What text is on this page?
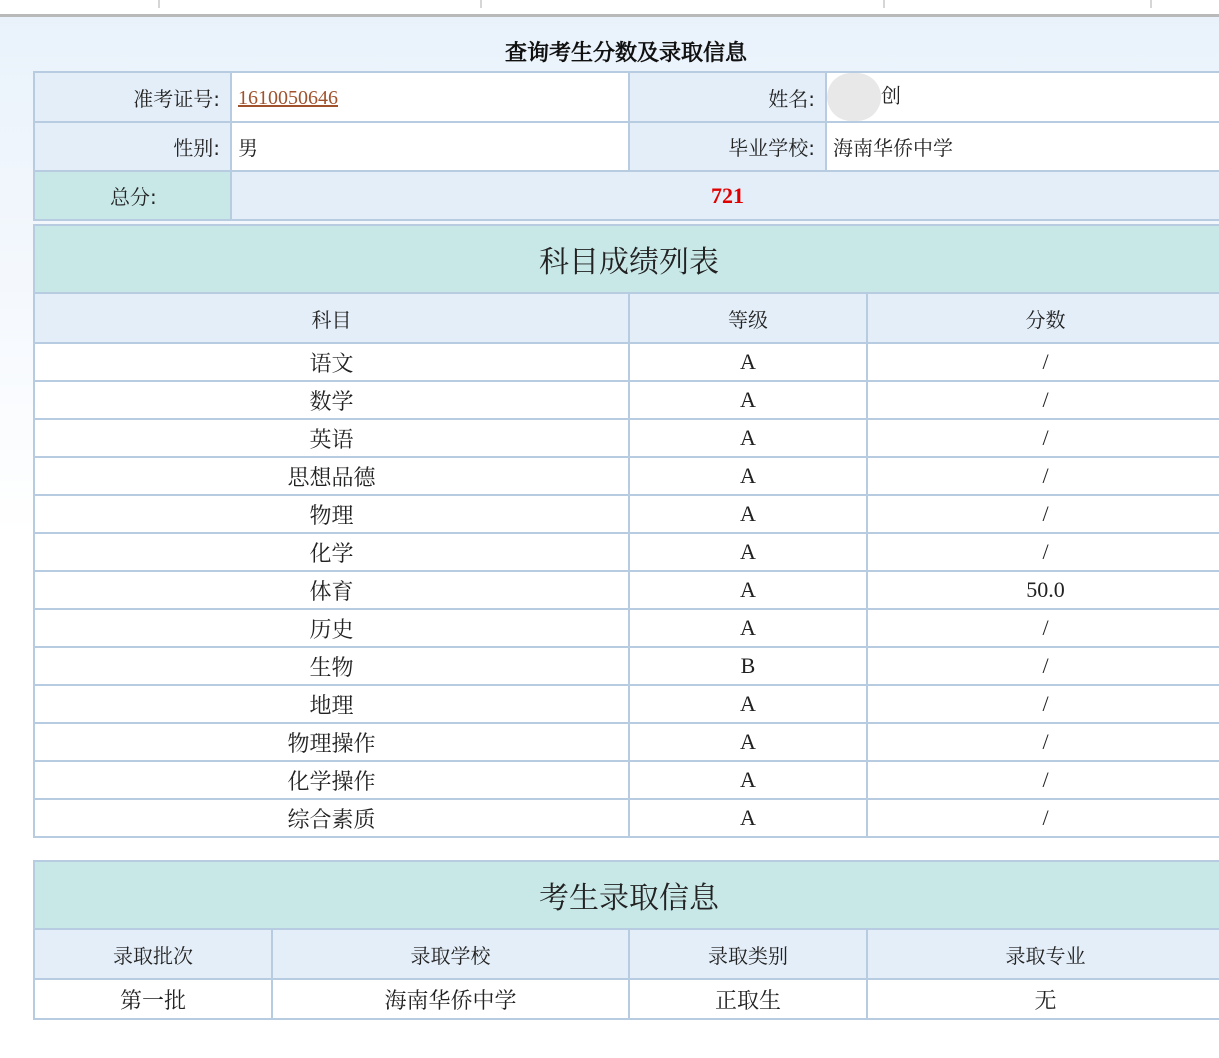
查询考生分数及录取信息
准考证号:	1610050646	姓名:	创
性别:	男	毕业学校:	海南华侨中学
总分:	721		
科目成绩列表		
科目	等级	分数
语文	A	/
数学	A	/
英语	A	/
思想品德	A	/
物理	A	/
化学	A	/
体育	A	50.0
历史	A	/
生物	B	/
地理	A	/
物理操作	A	/
化学操作	A	/
综合素质	A	/
考生录取信息			
录取批次	录取学校	录取类别	录取专业
第一批	海南华侨中学	正取生	无
